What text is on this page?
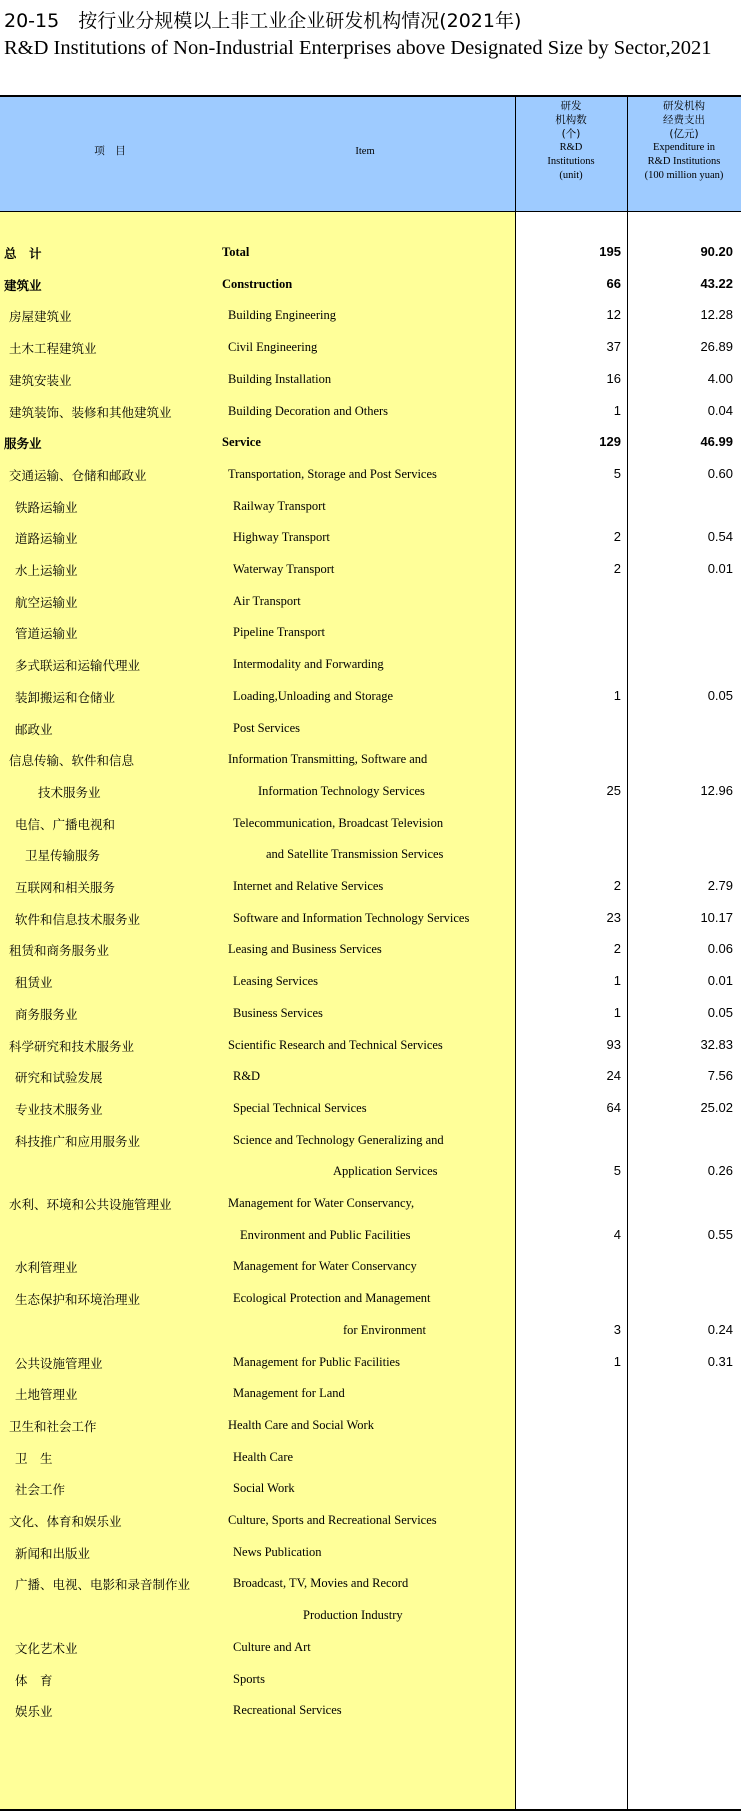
20-15　按行业分规模以上非工业企业研发机构情况(2021年)
R&D Institutions of Non-Industrial Enterprises above Designated Size by Sector,2021
项　目	Item
研发
机构数
(个)
R&D
Institutions
(unit)
研发机构
经费支出
(亿元)
Expenditure in
R&D Institutions
(100 million yuan)
总　计	Total	195	90.20
建筑业	Construction	66	43.22
房屋建筑业	Building Engineering	12	12.28
土木工程建筑业	Civil Engineering	37	26.89
建筑安装业	Building Installation	16	4.00
建筑装饰、装修和其他建筑业	Building Decoration and Others	1	0.04
服务业	Service	129	46.99
交通运输、仓储和邮政业	Transportation, Storage and Post Services	5	0.60
铁路运输业	Railway Transport
道路运输业	Highway Transport	2	0.54
水上运输业	Waterway Transport	2	0.01
航空运输业	Air Transport
管道运输业	Pipeline Transport
多式联运和运输代理业	Intermodality and Forwarding
装卸搬运和仓储业	Loading,Unloading and Storage	1	0.05
邮政业	Post Services
信息传输、软件和信息	Information Transmitting, Software and
技术服务业	Information Technology Services	25	12.96
电信、广播电视和	Telecommunication, Broadcast Television
卫星传输服务	and Satellite Transmission Services
互联网和相关服务	Internet and Relative Services	2	2.79
软件和信息技术服务业	Software and Information Technology Services	23	10.17
租赁和商务服务业	Leasing and Business Services	2	0.06
租赁业	Leasing Services	1	0.01
商务服务业	Business Services	1	0.05
科学研究和技术服务业	Scientific Research and Technical Services	93	32.83
研究和试验发展	R&D	24	7.56
专业技术服务业	Special Technical Services	64	25.02
科技推广和应用服务业	Science and Technology Generalizing and
Application Services	5	0.26
水利、环境和公共设施管理业	Management for Water Conservancy,
Environment and Public Facilities	4	0.55
水利管理业	Management for Water Conservancy
生态保护和环境治理业	Ecological Protection and Management
for Environment	3	0.24
公共设施管理业	Management for Public Facilities	1	0.31
土地管理业	Management for Land
卫生和社会工作	Health Care and Social Work
卫　生	Health Care
社会工作	Social Work
文化、体育和娱乐业	Culture, Sports and Recreational Services
新闻和出版业	News Publication
广播、电视、电影和录音制作业	Broadcast, TV, Movies and Record
Production Industry
文化艺术业	Culture and Art
体　育	Sports
娱乐业	Recreational Services
